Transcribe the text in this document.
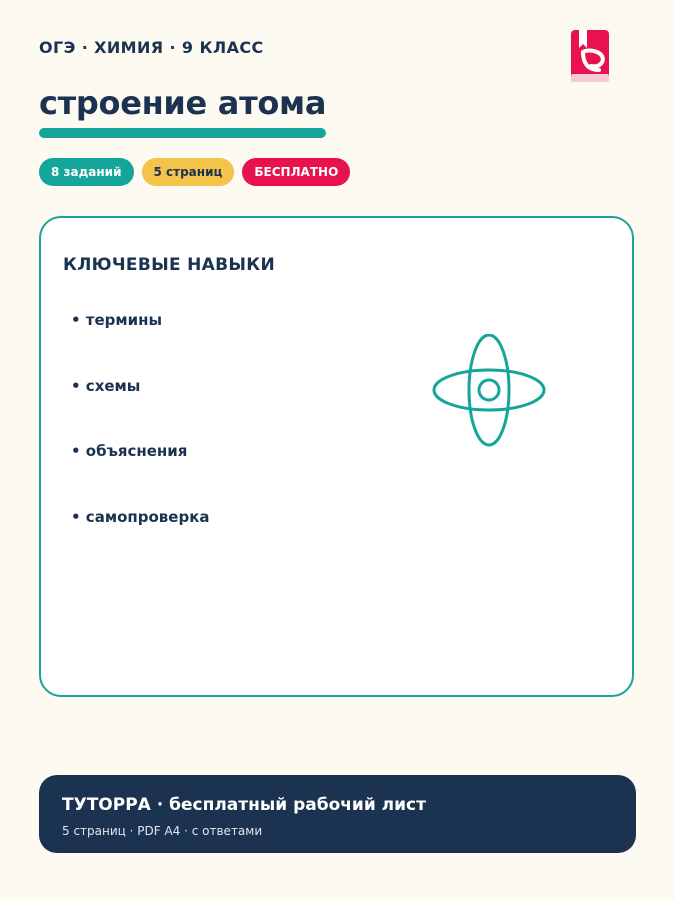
ОГЭ · ХИМИЯ · 9 КЛАСС
строение атома
8 заданий	5 страниц	БЕСПЛАТНО
КЛЮЧЕВЫЕ НАВЫКИ
• термины
• схемы
• объяснения
• самопроверка
ТУТОРРА · бесплатный рабочий лист
5 страниц · PDF A4 · с ответами
